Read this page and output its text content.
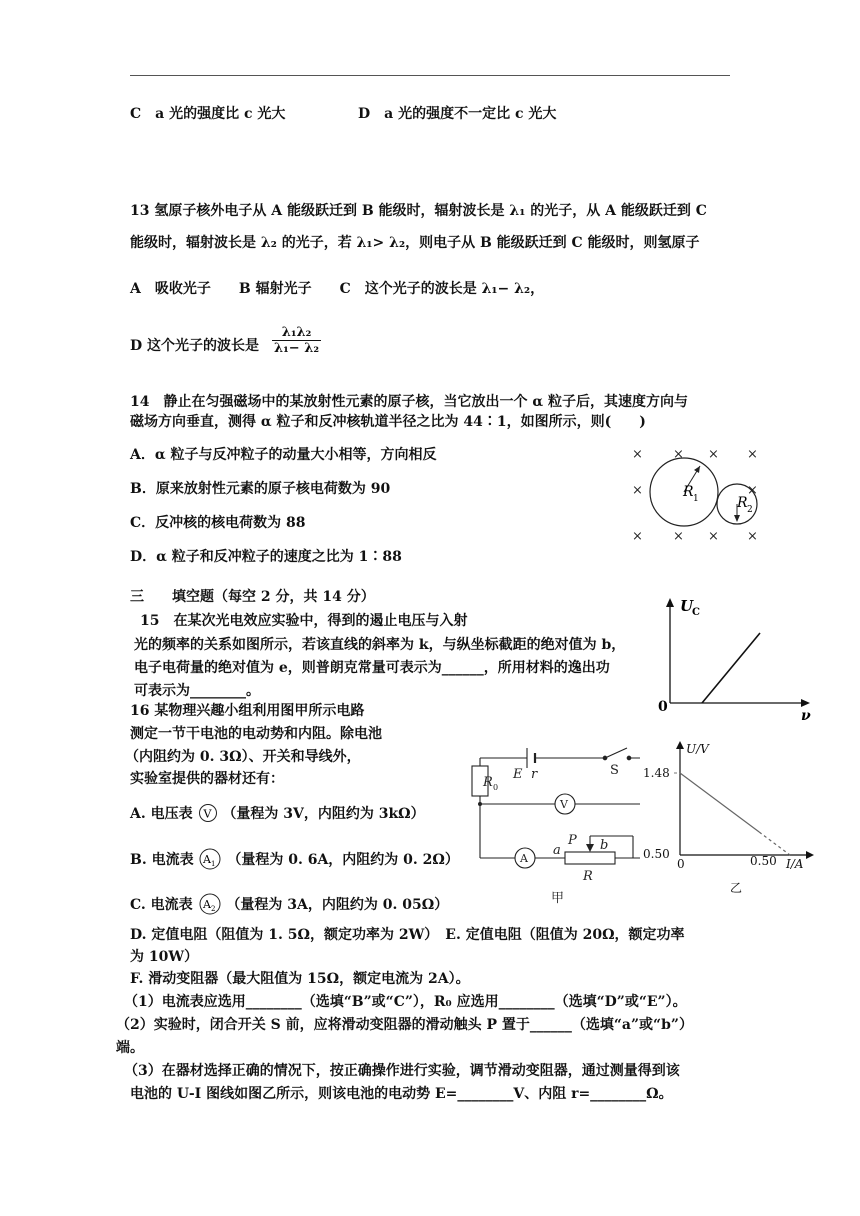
C　a 光的强度比 c 光大	D　a 光的强度不一定比 c 光大
13 氢原子核外电子从 A 能级跃迁到 B 能级时，辐射波长是 λ₁ 的光子，从 A 能级跃迁到 C
能级时，辐射波长是 λ₂ 的光子，若 λ₁> λ₂，则电子从 B 能级跃迁到 C 能级时，则氢原子
A　吸收光子　　B 辐射光子　　C　这个光子的波长是 λ₁− λ₂，
D 这个光子的波长是
λ₁λ₂
λ₁− λ₂
14　静止在匀强磁场中的某放射性元素的原子核，当它放出一个 α 粒子后，其速度方向与
磁场方向垂直，测得 α 粒子和反冲核轨道半径之比为 44∶1，如图所示，则(　　)
A．α 粒子与反冲粒子的动量大小相等，方向相反
B．原来放射性元素的原子核电荷数为 90
C．反冲核的核电荷数为 88
D．α 粒子和反冲粒子的速度之比为 1∶88
× × × ×
×	×
× × × ×
R 1	R 2
三　　填空题（每空 2 分，共 14 分）
15　在某次光电效应实验中，得到的遏止电压与入射
光的频率的关系如图所示，若该直线的斜率为 k，与纵坐标截距的绝对值为 b，
电子电荷量的绝对值为 e，则普朗克常量可表示为______，所用材料的逸出功
可表示为________。
U
C
0
ν
16 某物理兴趣小组利用图甲所示电路
测定一节干电池的电动势和内阻。除电池
（内阻约为 0. 3Ω）、开关和导线外，
实验室提供的器材还有：
A. 电压表 V （量程为 3V，内阻约为 3kΩ）
B. 电流表 A 1 （量程为 0. 6A，内阻约为 0. 2Ω）
C. 电流表 A 2 （量程为 3A，内阻约为 0. 05Ω）
R 0
E r	S
V
A
P
a	b
R
甲
U/V
1.48
0.50
0	0.50 I/A
乙
D. 定值电阻（阻值为 1. 5Ω，额定功率为 2W）　E. 定值电阻（阻值为 20Ω，额定功率
为 10W）
F. 滑动变阻器（最大阻值为 15Ω，额定电流为 2A）。
（1）电流表应选用________（选填“B”或“C”），R₀ 应选用________（选填“D”或“E”）。
（2）实验时，闭合开关 S 前，应将滑动变阻器的滑动触头 P 置于______（选填“a”或“b”）
端。
（3）在器材选择正确的情况下，按正确操作进行实验，调节滑动变阻器，通过测量得到该
电池的 U-I 图线如图乙所示，则该电池的电动势 E=________V、内阻 r=________Ω。
